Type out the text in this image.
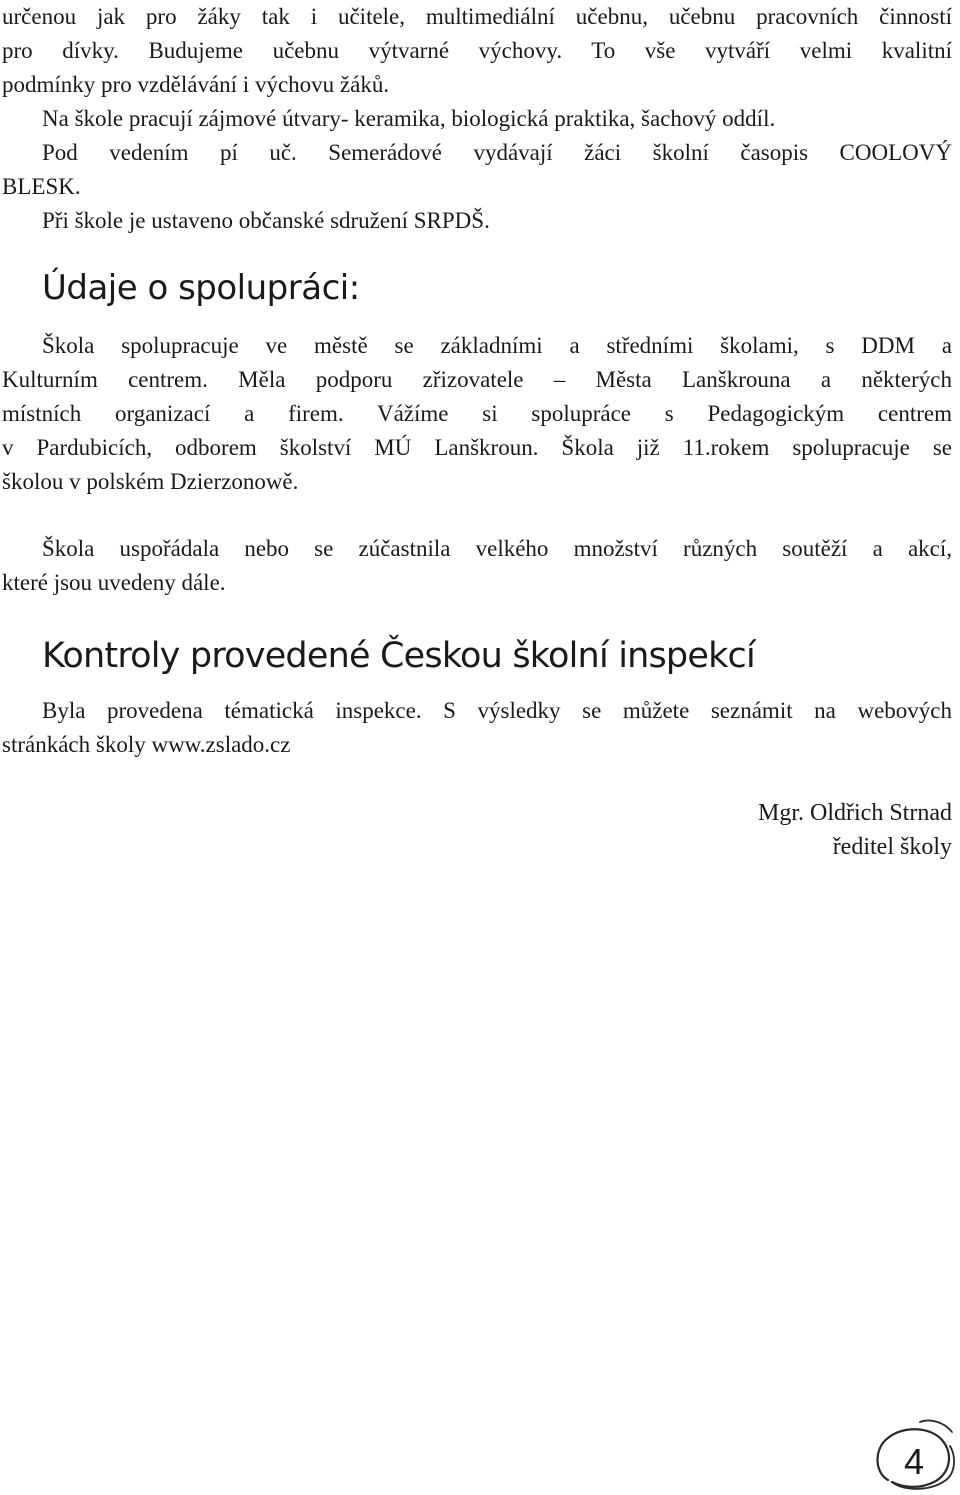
určenou jak pro žáky tak i učitele, multimediální učebnu, učebnu pracovních činností
pro dívky. Budujeme učebnu výtvarné výchovy. To vše vytváří velmi kvalitní
podmínky pro vzdělávání i výchovu žáků.
Na škole pracují zájmové útvary- keramika, biologická praktika, šachový oddíl.
Pod vedením pí uč. Semerádové vydávají žáci školní časopis COOLOVÝ
BLESK.
Při škole je ustaveno občanské sdružení SRPDŠ.
Údaje o spolupráci:
Škola spolupracuje ve městě se základními a středními školami, s DDM a
Kulturním centrem. Měla podporu zřizovatele – Města Lanškrouna a některých
místních organizací a firem. Vážíme si spolupráce s Pedagogickým centrem
v Pardubicích, odborem školství MÚ Lanškroun. Škola již 11.rokem spolupracuje se
školou v polském Dzierzonowě.
Škola uspořádala nebo se zúčastnila velkého množství různých soutěží a akcí,
které jsou uvedeny dále.
Kontroly provedené Českou školní inspekcí
Byla provedena tématická inspekce. S výsledky se můžete seznámit na webových
stránkách školy www.zslado.cz
Mgr. Oldřich Strnad
ředitel školy
4
